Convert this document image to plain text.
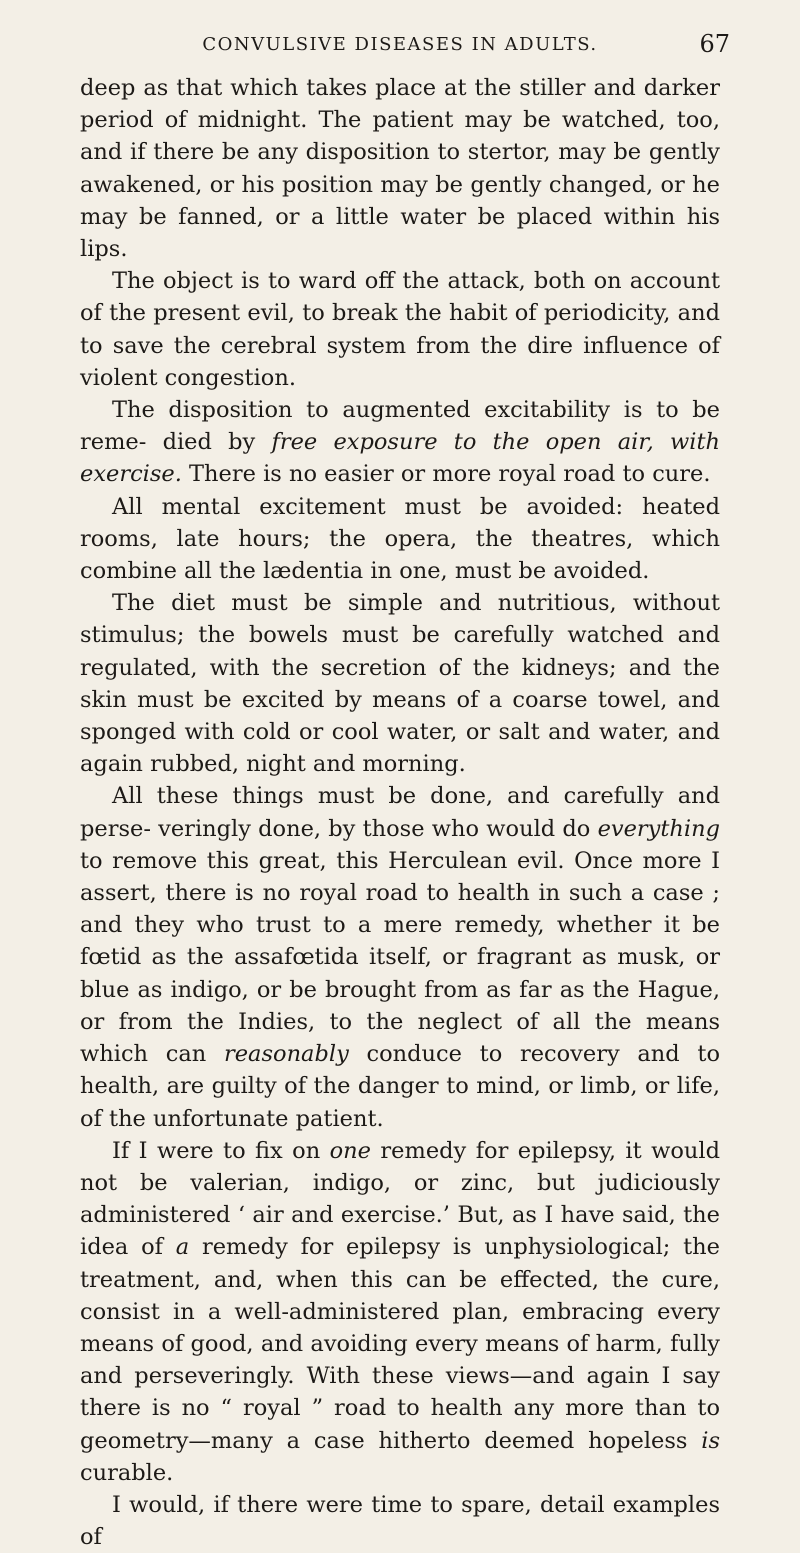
CONVULSIVE DISEASES IN ADULTS.	67

deep as that which takes place at the stiller and darker period of midnight. The patient may be watched, too, and if there be any disposition to stertor, may be gently awakened, or his position may be gently changed, or he may be fanned, or a little water be placed within his lips.

The object is to ward off the attack, both on account of the present evil, to break the habit of periodicity, and to save the cerebral system from the dire influence of violent congestion.

The disposition to augmented excitability is to be reme- died by free exposure to the open air, with exercise. There is no easier or more royal road to cure.

All mental excitement must be avoided: heated rooms, late hours; the opera, the theatres, which combine all the lædentia in one, must be avoided.

The diet must be simple and nutritious, without stimulus; the bowels must be carefully watched and regulated, with the secretion of the kidneys; and the skin must be excited by means of a coarse towel, and sponged with cold or cool water, or salt and water, and again rubbed, night and morning.

All these things must be done, and carefully and perse- veringly done, by those who would do everything to remove this great, this Herculean evil. Once more I assert, there is no royal road to health in such a case ; and they who trust to a mere remedy, whether it be fœtid as the assafœtida itself, or fragrant as musk, or blue as indigo, or be brought from as far as the Hague, or from the Indies, to the neglect of all the means which can reasonably conduce to recovery and to health, are guilty of the danger to mind, or limb, or life, of the unfortunate patient.

If I were to fix on one remedy for epilepsy, it would not be valerian, indigo, or zinc, but judiciously administered ‘ air and exercise.’ But, as I have said, the idea of a remedy for epilepsy is unphysiological; the treatment, and, when this can be effected, the cure, consist in a well-administered plan, embracing every means of good, and avoiding every means of harm, fully and perseveringly. With these views—and again I say there is no “ royal ” road to health any more than to geometry—many a case hitherto deemed hopeless is curable.

I would, if there were time to spare, detail examples of
